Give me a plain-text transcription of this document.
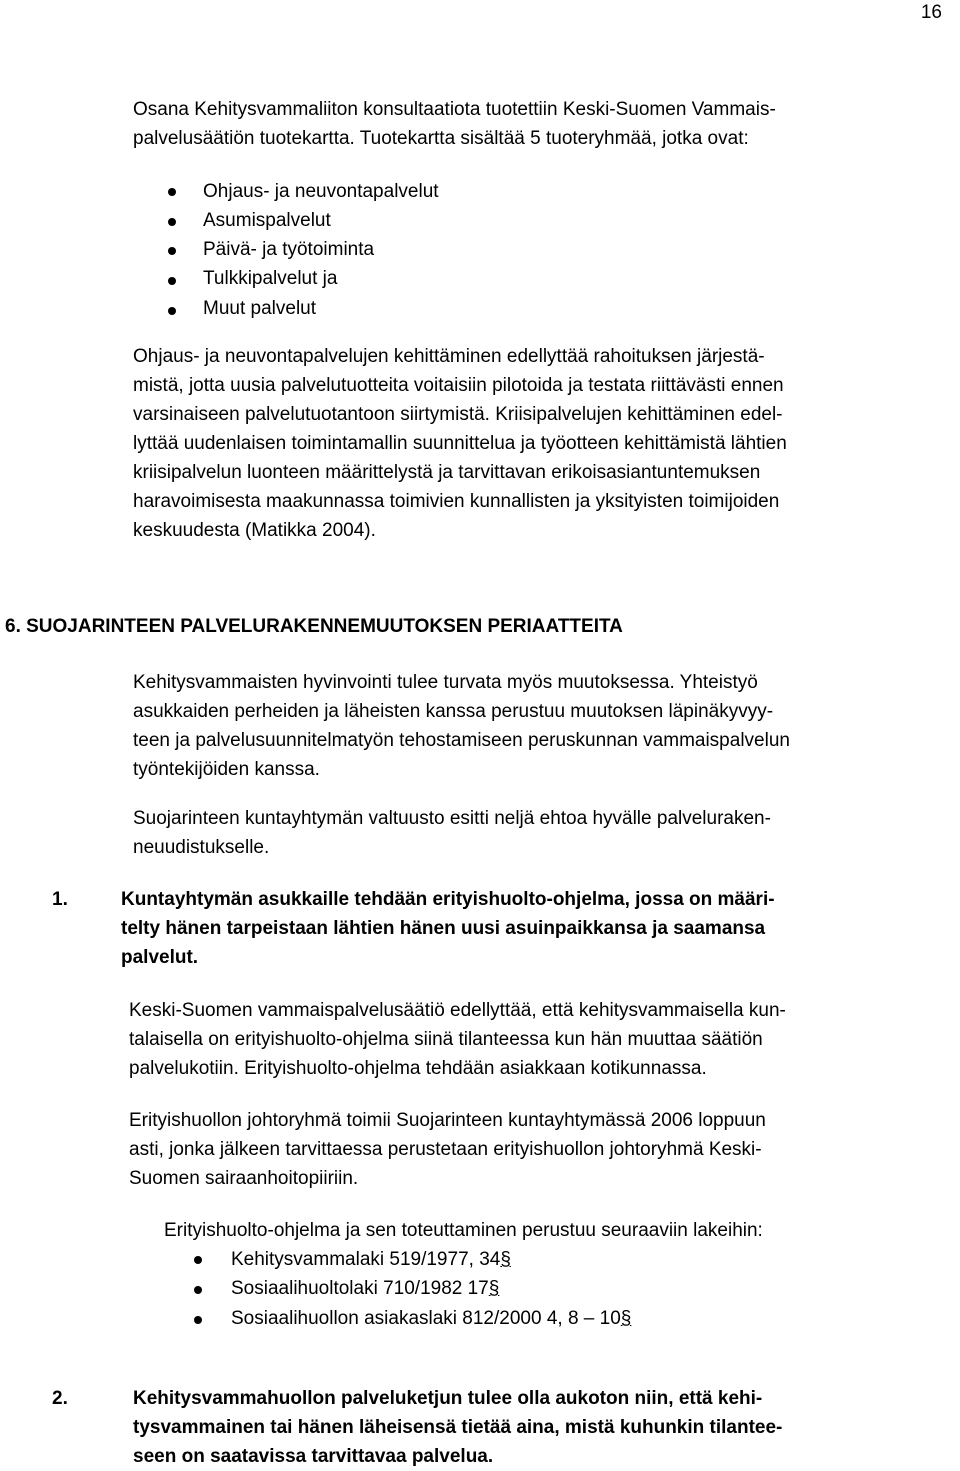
16
Osana Kehitysvammaliiton konsultaatiota tuotettiin Keski-Suomen Vammais-
palvelusäätiön tuotekartta. Tuotekartta sisältää 5 tuoteryhmää, jotka ovat:
Ohjaus- ja neuvontapalvelut
Asumispalvelut
Päivä- ja työtoiminta
Tulkkipalvelut ja
Muut palvelut
Ohjaus- ja neuvontapalvelujen kehittäminen edellyttää rahoituksen järjestä-
mistä, jotta uusia palvelutuotteita voitaisiin pilotoida ja testata riittävästi ennen
varsinaiseen palvelutuotantoon siirtymistä. Kriisipalvelujen kehittäminen edel-
lyttää uudenlaisen toimintamallin suunnittelua ja työotteen kehittämistä lähtien
kriisipalvelun luonteen määrittelystä ja tarvittavan erikoisasiantuntemuksen
haravoimisesta maakunnassa toimivien kunnallisten ja yksityisten toimijoiden
keskuudesta (Matikka 2004).
6. SUOJARINTEEN PALVELURAKENNEMUUTOKSEN PERIAATTEITA
Kehitysvammaisten hyvinvointi tulee turvata myös muutoksessa. Yhteistyö
asukkaiden perheiden ja läheisten kanssa perustuu muutoksen läpinäkyvyy-
teen ja palvelusuunnitelmatyön tehostamiseen peruskunnan vammaispalvelun
työntekijöiden kanssa.
Suojarinteen kuntayhtymän valtuusto esitti neljä ehtoa hyvälle palveluraken-
neuudistukselle.
1.	Kuntayhtymän asukkaille tehdään erityishuolto-ohjelma, jossa on määri-
telty hänen tarpeistaan lähtien hänen uusi asuinpaikkansa ja saamansa
palvelut.
Keski-Suomen vammaispalvelusäätiö edellyttää, että kehitysvammaisella kun-
talaisella on erityishuolto-ohjelma siinä tilanteessa kun hän muuttaa säätiön
palvelukotiin. Erityishuolto-ohjelma tehdään asiakkaan kotikunnassa.
Erityishuollon johtoryhmä toimii Suojarinteen kuntayhtymässä 2006 loppuun
asti, jonka jälkeen tarvittaessa perustetaan erityishuollon johtoryhmä Keski-
Suomen sairaanhoitopiiriin.
Erityishuolto-ohjelma ja sen toteuttaminen perustuu seuraaviin lakeihin:
Kehitysvammalaki 519/1977, 34§
Sosiaalihuoltolaki 710/1982 17§
Sosiaalihuollon asiakaslaki 812/2000 4, 8 – 10§
2.	Kehitysvammahuollon palveluketjun tulee olla aukoton niin, että kehi-
tysvammainen tai hänen läheisensä tietää aina, mistä kuhunkin tilantee-
seen on saatavissa tarvittavaa palvelua.
